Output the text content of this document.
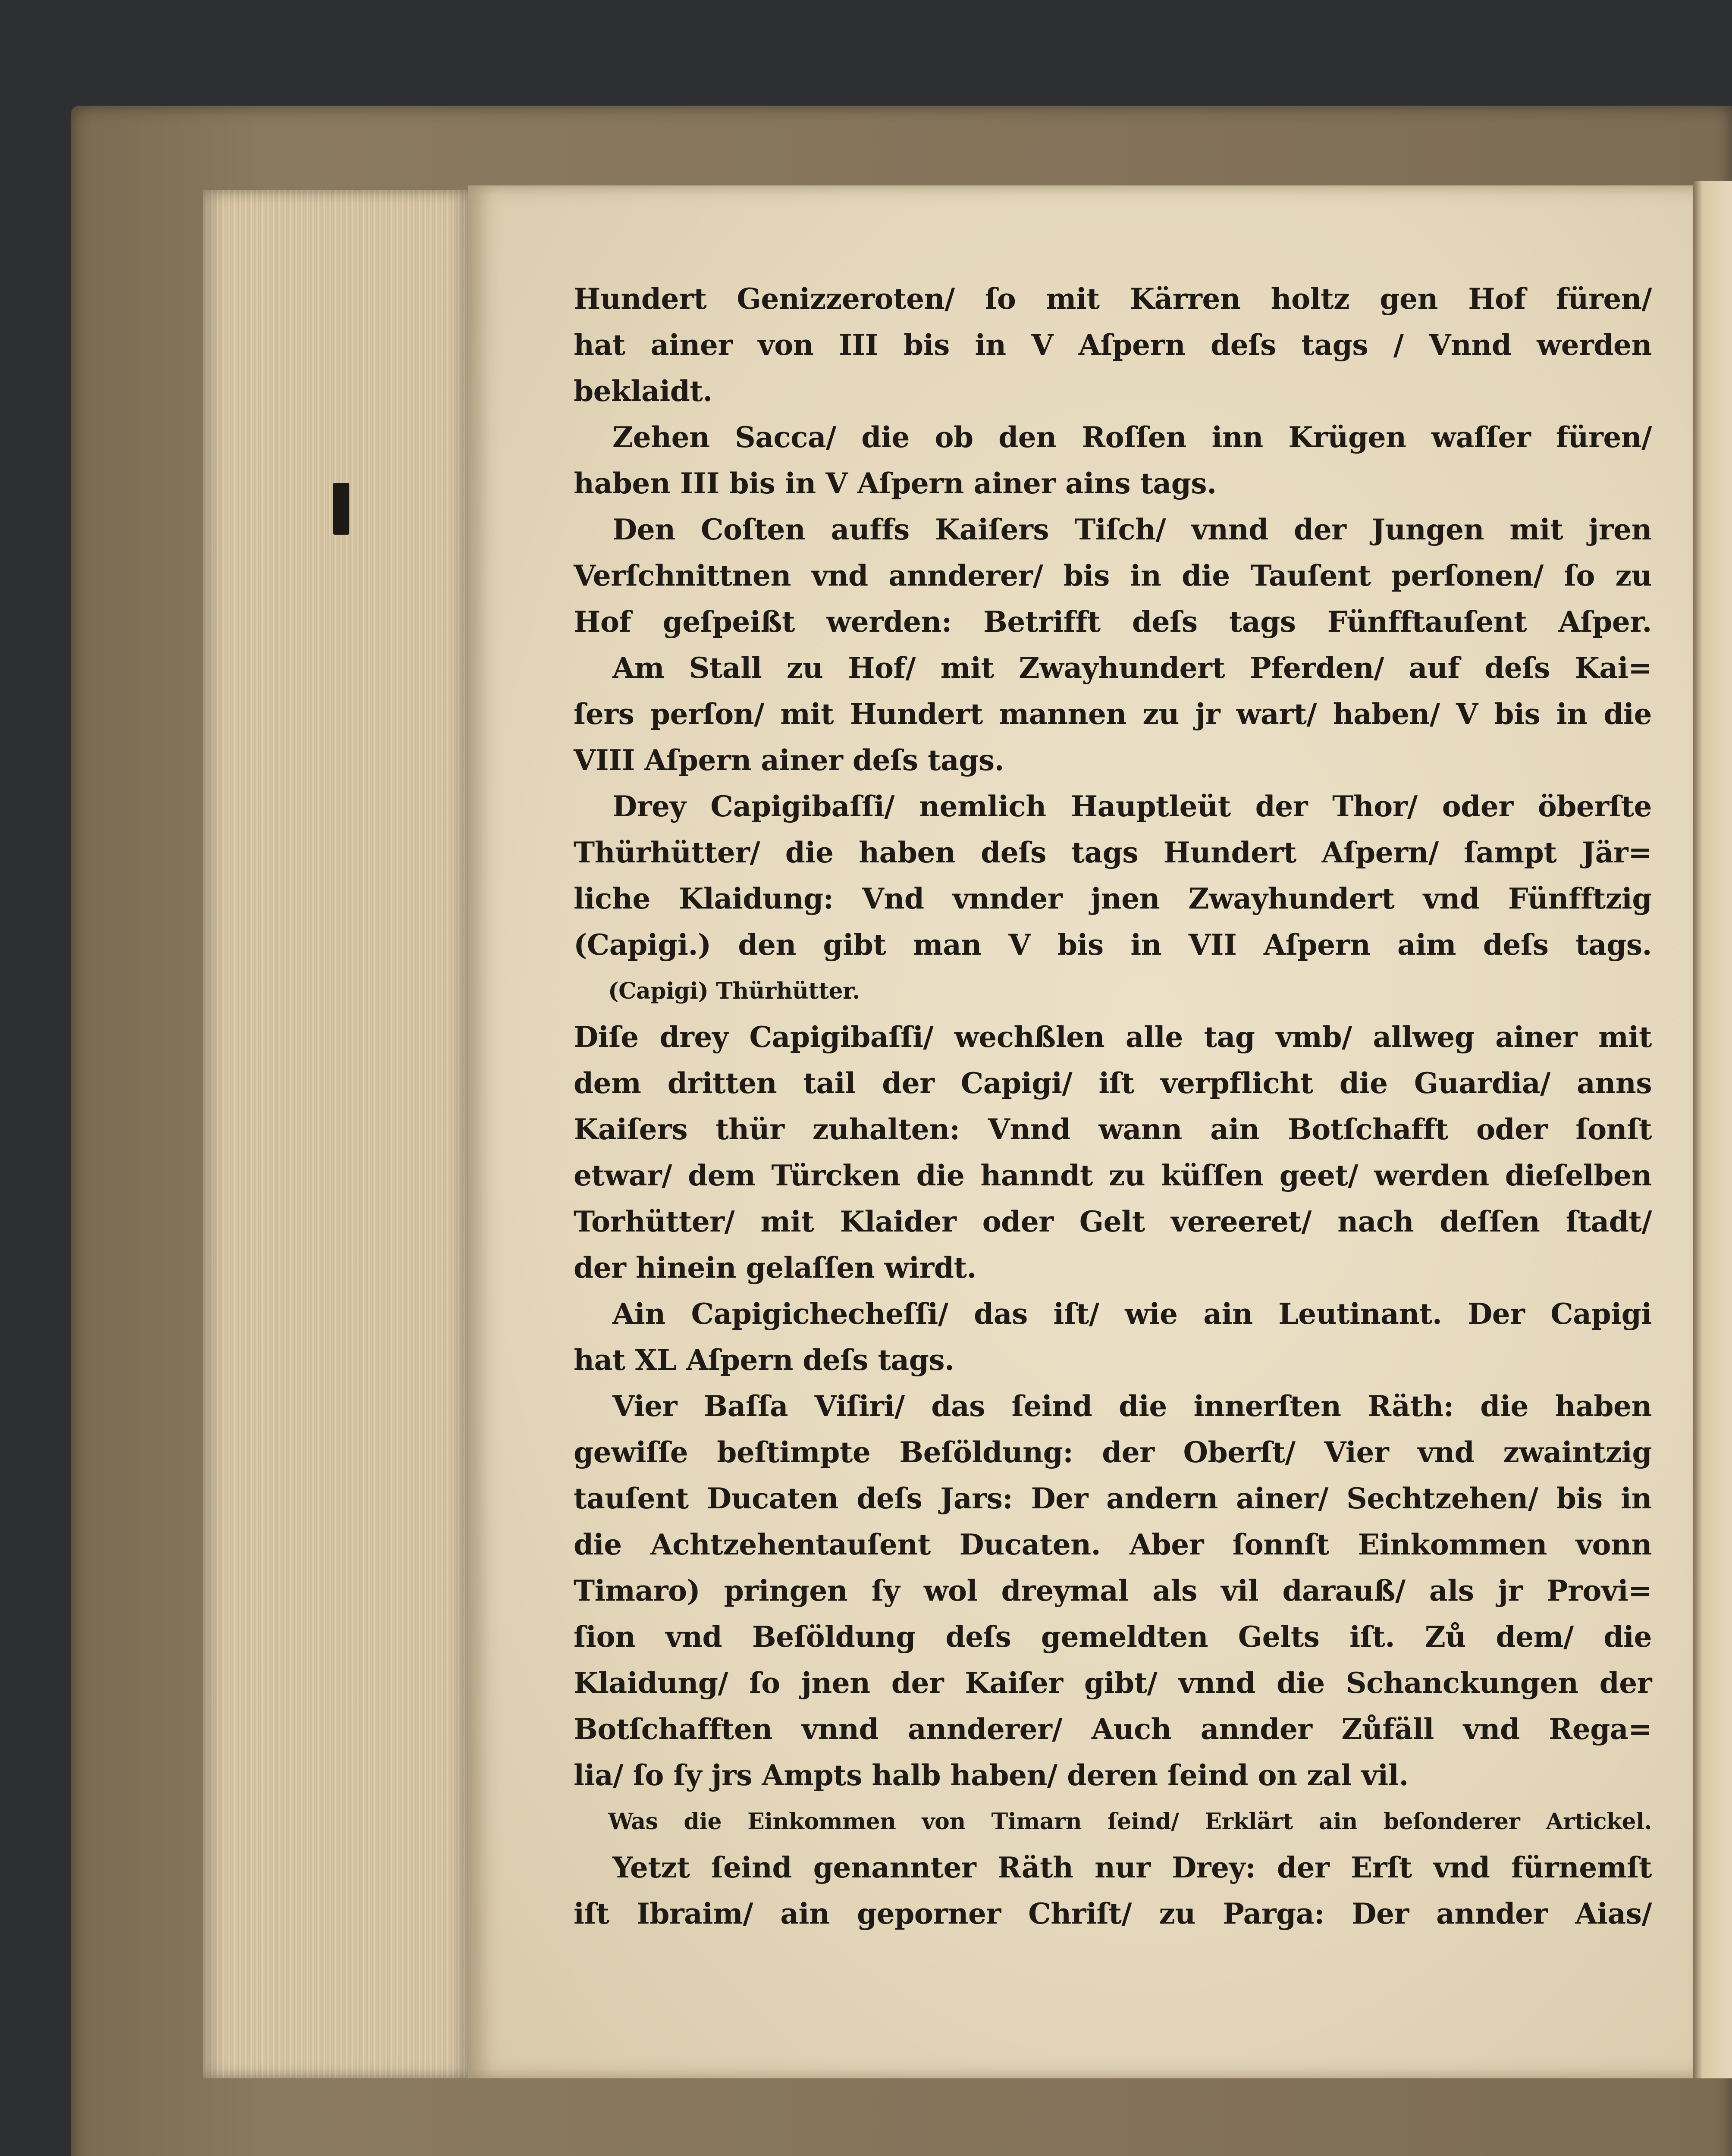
Hundert Genizzeroten/ ſo mit Kärren holtz gen Hof füren/
hat ainer von III bis in V Aſpern deſs tags / Vnnd werden
beklaidt.
Zehen Sacca/ die ob den Roſſen inn Krügen waſſer füren/
haben III bis in V Aſpern ainer ains tags.
Den Coſten auffs Kaiſers Tiſch/ vnnd der Jungen mit jren
Verſchnittnen vnd annderer/ bis in die Tauſent perſonen/ ſo zu
Hof geſpeißt werden: Betrifft deſs tags Fünfftauſent Aſper.
Am Stall zu Hof/ mit Zwayhundert Pferden/ auf deſs Kai=
ſers perſon/ mit Hundert mannen zu jr wart/ haben/ V bis in die
VIII Aſpern ainer deſs tags.
Drey Capigibaſſi/ nemlich Hauptleüt der Thor/ oder öberſte
Thürhütter/ die haben deſs tags Hundert Aſpern/ ſampt Jär=
liche Klaidung: Vnd vnnder jnen Zwayhundert vnd Fünfftzig
(Capigi.) den gibt man V bis in VII Aſpern aim deſs tags.
(Capigi) Thürhütter.
Diſe drey Capigibaſſi/ wechßlen alle tag vmb/ allweg ainer mit
dem dritten tail der Capigi/ iſt verpflicht die Guardia/ anns
Kaiſers thür zuhalten: Vnnd wann ain Botſchafft oder ſonſt
etwar/ dem Türcken die hanndt zu küſſen geet/ werden dieſelben
Torhütter/ mit Klaider oder Gelt vereeret/ nach deſſen ſtadt/
der hinein gelaſſen wirdt.
Ain Capigichecheſſi/ das iſt/ wie ain Leutinant. Der Capigi
hat XL Aſpern deſs tags.
Vier Baſſa Viſiri/ das ſeind die innerſten Räth: die haben
gewiſſe beſtimpte Beſöldung: der Oberſt/ Vier vnd zwaintzig
tauſent Ducaten deſs Jars: Der andern ainer/ Sechtzehen/ bis in
die Achtzehentauſent Ducaten. Aber ſonnſt Einkommen vonn
Timaro) pringen ſy wol dreymal als vil darauß/ als jr Provi=
ſion vnd Beſöldung deſs gemeldten Gelts iſt. Zů dem/ die
Klaidung/ ſo jnen der Kaiſer gibt/ vnnd die Schanckungen der
Botſchafften vnnd annderer/ Auch annder Zůfäll vnd Rega=
lia/ ſo ſy jrs Ampts halb haben/ deren ſeind on zal vil.
Was die Einkommen von Timarn ſeind/ Erklärt ain beſonderer Artickel.
Yetzt ſeind genannter Räth nur Drey: der Erſt vnd fürnemſt
iſt Ibraim/ ain geporner Chriſt/ zu Parga: Der annder Aias/
